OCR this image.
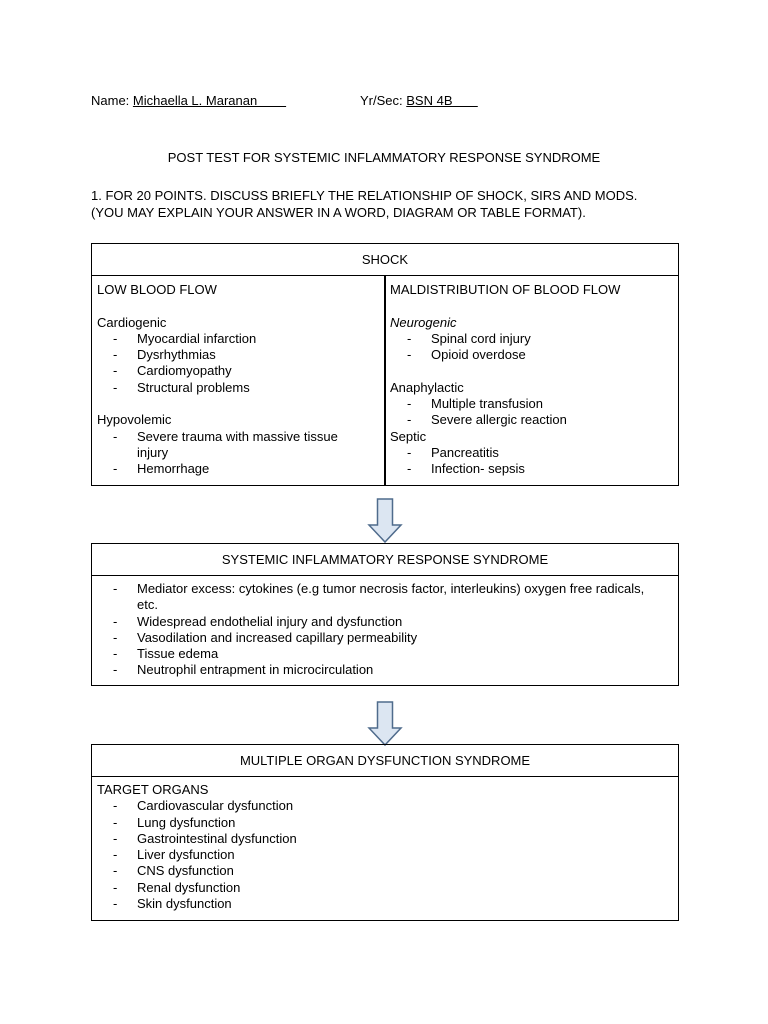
Name: Michaella L. Maranan	Yr/Sec: BSN 4B
POST TEST FOR SYSTEMIC INFLAMMATORY RESPONSE SYNDROME
1. FOR 20 POINTS. DISCUSS BRIEFLY THE RELATIONSHIP OF SHOCK, SIRS AND MODS.
(YOU MAY EXPLAIN YOUR ANSWER IN A WORD, DIAGRAM OR TABLE FORMAT).
SHOCK
LOW BLOOD FLOW
Cardiogenic
- Myocardial infarction
- Dysrhythmias
- Cardiomyopathy
- Structural problems
Hypovolemic
- Severe trauma with massive tissue injury
- Hemorrhage
MALDISTRIBUTION OF BLOOD FLOW
Neurogenic
- Spinal cord injury
- Opioid overdose
Anaphylactic
- Multiple transfusion
- Severe allergic reaction
Septic
- Pancreatitis
- Infection- sepsis
SYSTEMIC INFLAMMATORY RESPONSE SYNDROME
- Mediator excess: cytokines (e.g tumor necrosis factor, interleukins) oxygen free radicals, etc.
- Widespread endothelial injury and dysfunction
- Vasodilation and increased capillary permeability
- Tissue edema
- Neutrophil entrapment in microcirculation
MULTIPLE ORGAN DYSFUNCTION SYNDROME
TARGET ORGANS
- Cardiovascular dysfunction
- Lung dysfunction
- Gastrointestinal dysfunction
- Liver dysfunction
- CNS dysfunction
- Renal dysfunction
- Skin dysfunction
